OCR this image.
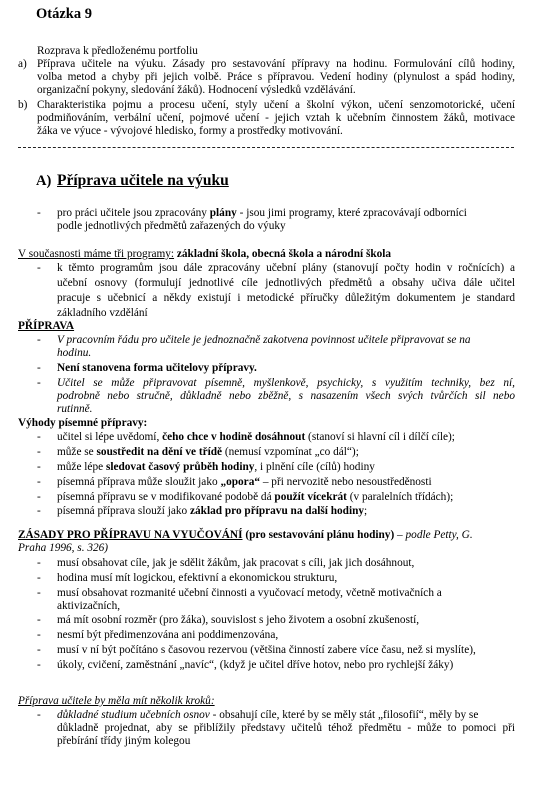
Otázka 9
Rozprava k předloženému portfoliu
a) Příprava učitele na výuku. Zásady pro sestavování přípravy na hodinu. Formulování cílů hodiny,
volba metod a chyby při jejich volbě. Práce s přípravou. Vedení hodiny (plynulost a spád hodiny,
organizační pokyny, sledování žáků). Hodnocení výsledků vzdělávání.
b) Charakteristika pojmu a procesu učení, styly učení a školní výkon, učení senzomotorické, učení
podmiňováním, verbální učení, pojmové učení - jejich vztah k učebním činnostem žáků, motivace
žáka ve výuce - vývojové hledisko, formy a prostředky motivování.
A) Příprava učitele na výuku
- pro práci učitele jsou zpracovány plány - jsou jimi programy, které zpracovávají odborníci
podle jednotlivých předmětů zařazených do výuky
V současnosti máme tři programy: základní škola, obecná škola a národní škola
- k těmto programům jsou dále zpracovány učební plány (stanovují počty hodin v ročnících) a
učební osnovy (formulují jednotlivé cíle jednotlivých předmětů a obsahy učiva dále učitel
pracuje s učebnicí a někdy existují i metodické příručky důležitým dokumentem je standard
základního vzdělání
PŘÍPRAVA
- V pracovním řádu pro učitele je jednoznačně zakotvena povinnost učitele připravovat se na
hodinu.
- Není stanovena forma učitelovy přípravy.
- Učitel se může připravovat písemně, myšlenkově, psychicky, s využitím techniky, bez ní,
podrobně nebo stručně, důkladně nebo zběžně, s nasazením všech svých tvůrčích sil nebo
rutinně.
Výhody písemné přípravy:
- učitel si lépe uvědomí, čeho chce v hodině dosáhnout (stanoví si hlavní cíl i dílčí cíle);
- může se soustředit na dění ve třídě (nemusí vzpomínat „co dál“);
- může lépe sledovat časový průběh hodiny, i plnění cíle (cílů) hodiny
- písemná příprava může sloužit jako „opora“ – při nervozitě nebo nesoustředěnosti
- písemná přípravu se v modifikované podobě dá použít vícekrát (v paralelních třídách);
- písemná příprava slouží jako základ pro přípravu na další hodiny;
ZÁSADY PRO PŘÍPRAVU NA VYUČOVÁNÍ (pro sestavování plánu hodiny) – podle Petty, G.
Praha 1996, s. 326)
- musí obsahovat cíle, jak je sdělit žákům, jak pracovat s cíli, jak jich dosáhnout,
- hodina musí mít logickou, efektivní a ekonomickou strukturu,
- musí obsahovat rozmanité učební činnosti a vyučovací metody, včetně motivačních a
aktivizačních,
- má mít osobní rozměr (pro žáka), souvislost s jeho životem a osobní zkušeností,
- nesmí být předimenzována ani poddimenzována,
- musí v ní být počítáno s časovou rezervou (většina činností zabere více času, než si myslíte),
- úkoly, cvičení, zaměstnání „navíc“, (když je učitel dříve hotov, nebo pro rychlejší žáky)
Příprava učitele by měla mít několik kroků:
- důkladné studium učebních osnov - obsahují cíle, které by se měly stát „filosofií“, měly by se
důkladně projednat, aby se přiblížily představy učitelů téhož předmětu - může to pomoci při
přebírání třídy jiným kolegou
